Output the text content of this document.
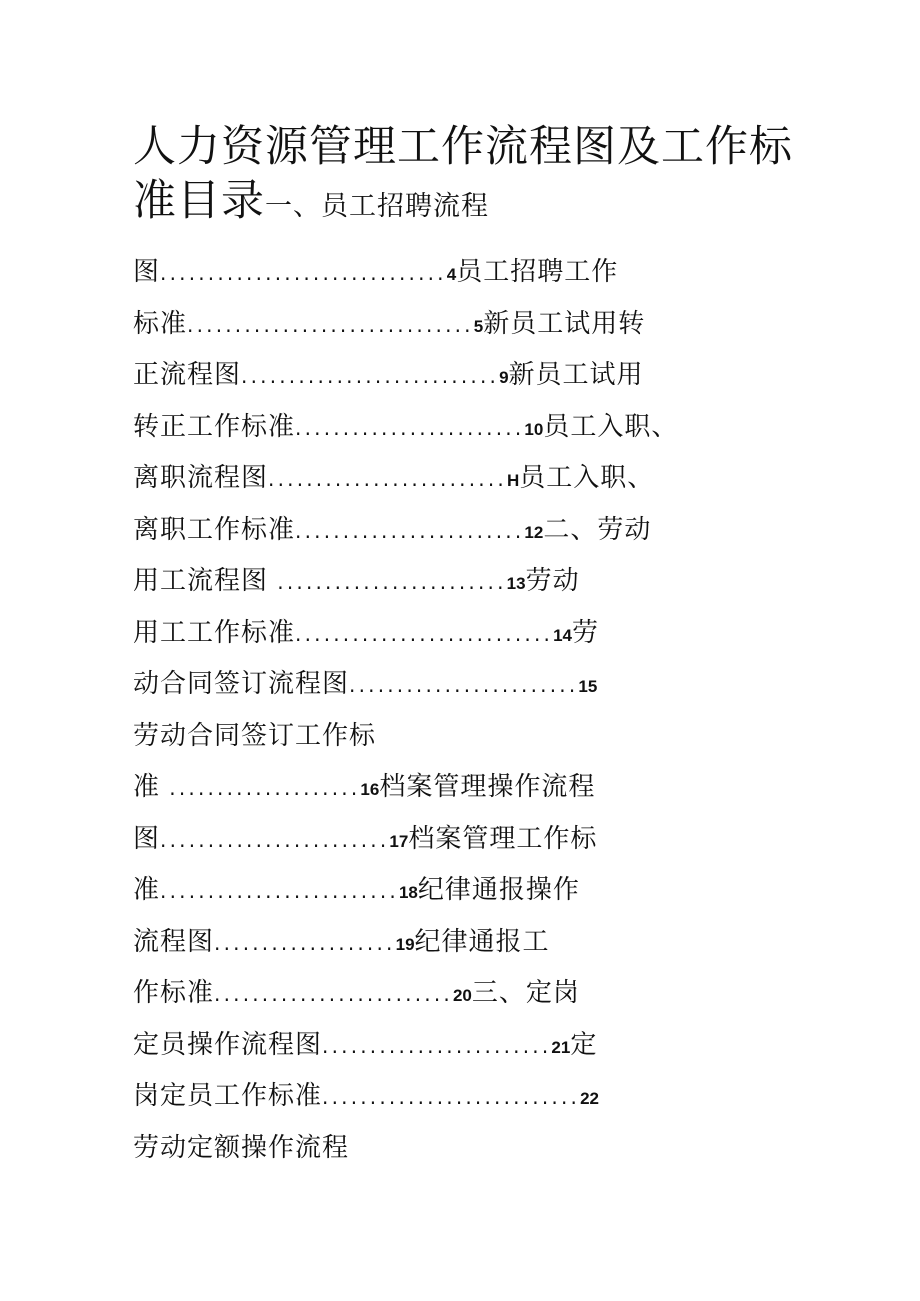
人力资源管理工作流程图及工作标准目录一、员工招聘流程
图..............................4员工招聘工作
标准..............................5新员工试用转
正流程图...........................9新员工试用
转正工作标准........................10员工入职、
离职流程图.........................H员工入职、
离职工作标准........................12二、劳动
用工流程图 ........................13劳动
用工工作标准...........................14劳
动合同签订流程图........................15
劳动合同签订工作标
准 ....................16档案管理操作流程
图........................17档案管理工作标
准.........................18纪律通报操作
流程图...................19纪律通报工
作标准.........................20三、定岗
定员操作流程图........................21定
岗定员工作标准...........................22
劳动定额操作流程
